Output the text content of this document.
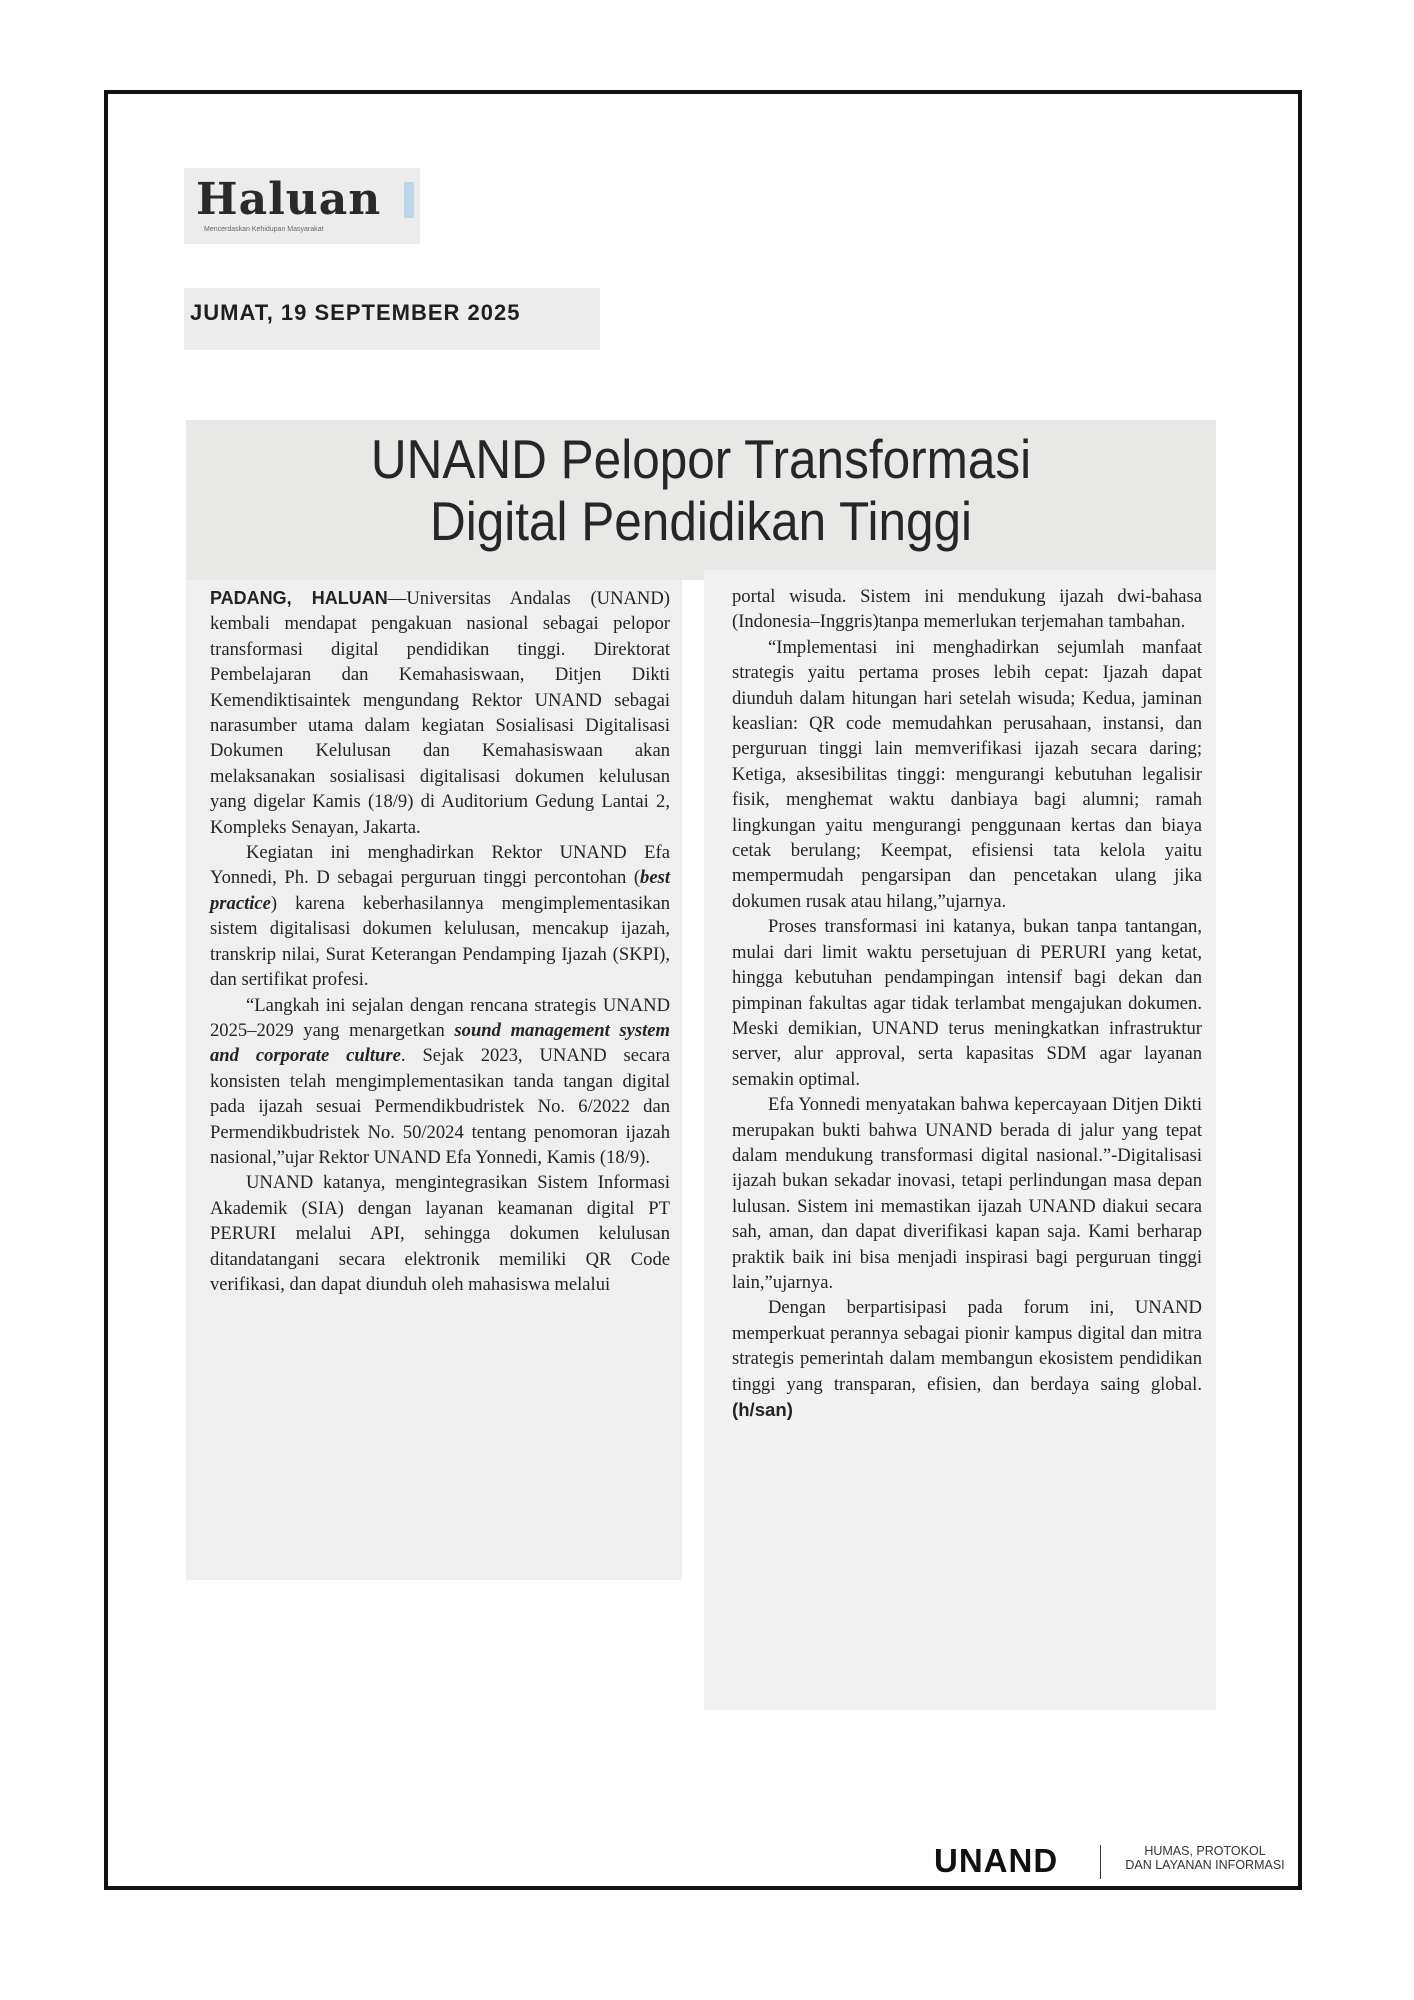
Haluan
Mencerdaskan Kehidupan Masyarakat
JUMAT, 19 SEPTEMBER 2025
UNAND Pelopor Transformasi
Digital Pendidikan Tinggi

PADANG, HALUAN—Universitas Andalas (UNAND) kembali mendapat pengakuan nasional sebagai pelopor transformasi digital pendidikan tinggi. Direktorat Pembelajaran dan Kemahasiswaan, Ditjen Dikti Kemendiktisaintek mengundang Rektor UNAND sebagai narasumber utama dalam kegiatan Sosialisasi Digitalisasi Dokumen Kelulusan dan Kemahasiswaan akan melaksanakan sosialisasi digitalisasi dokumen kelulusan yang digelar Kamis (18/9) di Auditorium Gedung Lantai 2, Kompleks Senayan, Jakarta.

Kegiatan ini menghadirkan Rektor UNAND Efa Yonnedi, Ph. D sebagai perguruan tinggi percontohan (best practice) karena keberhasilannya mengimplementasikan sistem digitalisasi dokumen kelulusan, mencakup ijazah, transkrip nilai, Surat Keterangan Pendamping Ijazah (SKPI), dan sertifikat profesi.

“Langkah ini sejalan dengan rencana strategis UNAND 2025–2029 yang menargetkan sound management system and corporate culture. Sejak 2023, UNAND secara konsisten telah mengimplementasikan tanda tangan digital pada ijazah sesuai Permendikbudristek No. 6/2022 dan Permendikbudristek No. 50/2024 tentang penomoran ijazah nasional,”ujar Rektor UNAND Efa Yonnedi, Kamis (18/9).

UNAND katanya, mengintegrasikan Sistem Informasi Akademik (SIA) dengan layanan keamanan digital PT PERURI melalui API, sehingga dokumen kelulusan ditandatangani secara elektronik memiliki QR Code verifikasi, dan dapat diunduh oleh mahasiswa melalui

portal wisuda. Sistem ini mendukung ijazah dwi-bahasa (Indonesia–Inggris)tanpa memerlukan terjemahan tambahan.

“Implementasi ini menghadirkan sejumlah manfaat strategis yaitu pertama proses lebih cepat: Ijazah dapat diunduh dalam hitungan hari setelah wisuda; Kedua, jaminan keaslian: QR code memudahkan perusahaan, instansi, dan perguruan tinggi lain memverifikasi ijazah secara daring; Ketiga, aksesibilitas tinggi: mengurangi kebutuhan legalisir fisik, menghemat waktu danbiaya bagi alumni; ramah lingkungan yaitu mengurangi penggunaan kertas dan biaya cetak berulang; Keempat, efisiensi tata kelola yaitu mempermudah pengarsipan dan pencetakan ulang jika dokumen rusak atau hilang,”ujarnya.

Proses transformasi ini katanya, bukan tanpa tantangan, mulai dari limit waktu persetujuan di PERURI yang ketat, hingga kebutuhan pendampingan intensif bagi dekan dan pimpinan fakultas agar tidak terlambat mengajukan dokumen. Meski demikian, UNAND terus meningkatkan infrastruktur server, alur approval, serta kapasitas SDM agar layanan semakin optimal.

Efa Yonnedi menyatakan bahwa kepercayaan Ditjen Dikti merupakan bukti bahwa UNAND berada di jalur yang tepat dalam mendukung transformasi digital nasional.”-Digitalisasi ijazah bukan sekadar inovasi, tetapi perlindungan masa depan lulusan. Sistem ini memastikan ijazah UNAND diakui secara sah, aman, dan dapat diverifikasi kapan saja. Kami berharap praktik baik ini bisa menjadi inspirasi bagi perguruan tinggi lain,”ujarnya.

Dengan berpartisipasi pada forum ini, UNAND memperkuat perannya sebagai pionir kampus digital dan mitra strategis pemerintah dalam membangun ekosistem pendidikan tinggi yang transparan, efisien, dan berdaya saing global.(h/san)

UNAND	HUMAS, PROTOKOL
DAN LAYANAN INFORMASI
